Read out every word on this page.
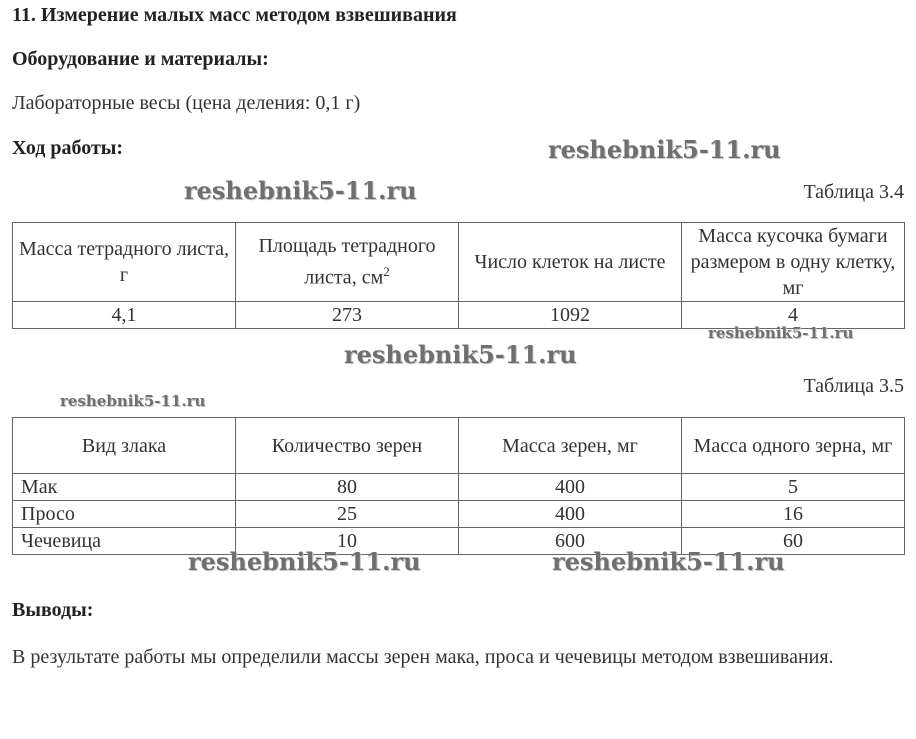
11. Измерение малых масс методом взвешивания
Оборудование и материалы:
Лабораторные весы (цена деления: 0,1 г)
Ход работы:
Таблица 3.4
Масса тетрадного листа, г	Площадь тетрадного листа, $см^2$	Число клеток на листе	Масса кусочка бумаги размером в одну клетку, мг
4,1	273	1092	4
Таблица 3.5
Вид злака	Количество зерен	Масса зерен, мг	Масса одного зерна, мг
Мак	80	400	5
Просо	25	400	16
Чечевица	10	600	60
Выводы:
В результате работы мы определили массы зерен мака, проса и чечевицы методом взвешивания.
reshebnik5-11.ru
reshebnik5-11.ru
reshebnik5-11.ru
reshebnik5-11.ru
reshebnik5-11.ru
reshebnik5-11.ru	reshebnik5-11.ru
